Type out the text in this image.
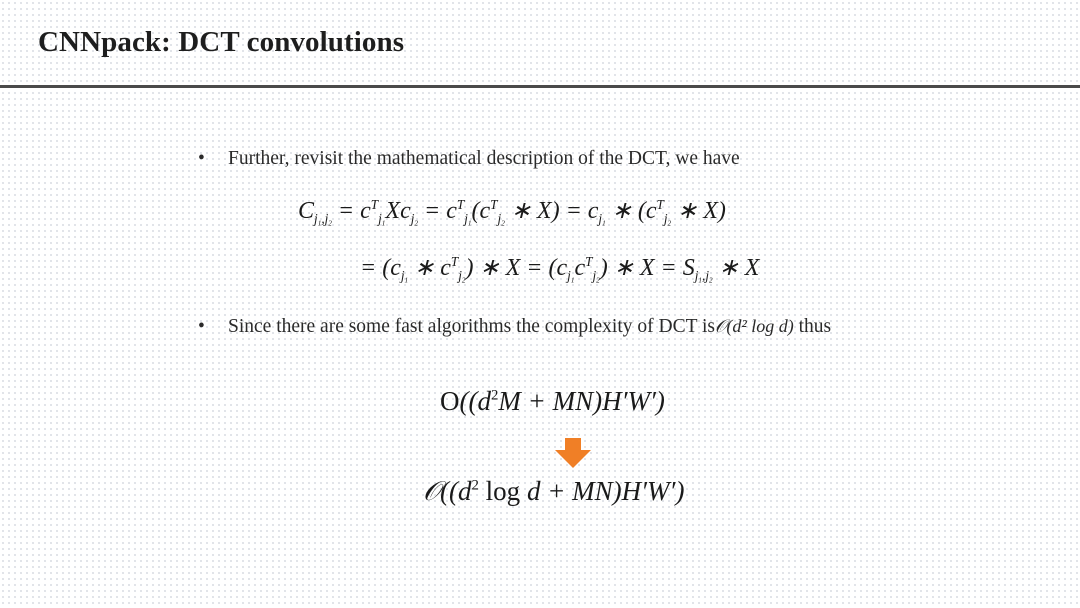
CNNpack: DCT convolutions
• Further, revisit the mathematical description of the DCT, we have
$C_{j_1,j_2} = c^T_{j_1}Xc_{j_2} = c^T_{j_1}(c^T_{j_2}$ ∗ $X) = c_{j_1}$ ∗ ($c^T_{j_2}$ ∗ X)
= ($c_{j_1}$ ∗ $c^T_{j_2}$) ∗ $X = (c_{j_1}c^T_{j_2})$ ∗ $X = S_{j_1,j_2}$ ∗ X
• Since there are some fast algorithms the complexity of DCT is𝒪(d² log d) thus
$O((d^2M + MN)H'W')$
$𝒪((d^2$ log d + MN)H′W′)
